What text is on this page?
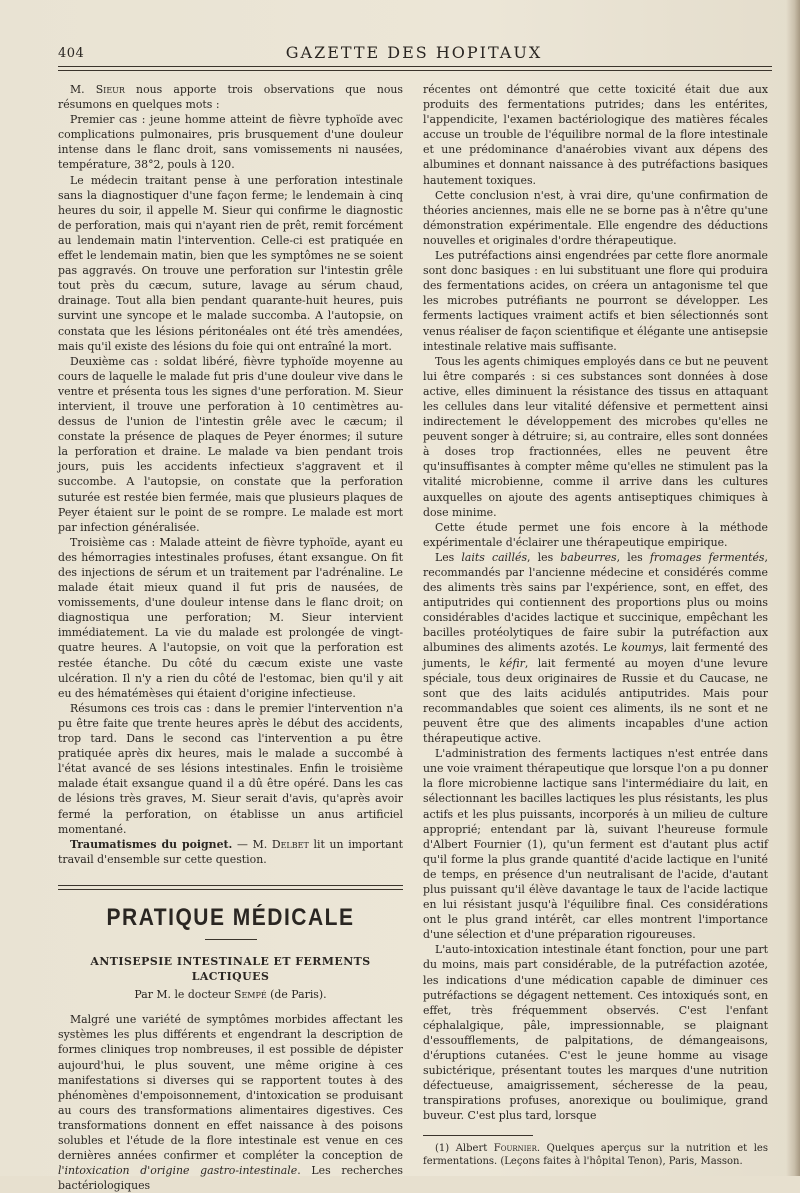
404	GAZETTE DES HOPITAUX

M. Sieur nous apporte trois observations que nous résumons en quelques mots :

Premier cas : jeune homme atteint de fièvre typhoïde avec complications pulmonaires, pris brusquement d'une douleur intense dans le flanc droit, sans vomissements ni nausées, température, 38°2, pouls à 120.

Le médecin traitant pense à une perforation intestinale sans la diagnostiquer d'une façon ferme; le lendemain à cinq heures du soir, il appelle M. Sieur qui confirme le diagnostic de perforation, mais qui n'ayant rien de prêt, remit forcément au lendemain matin l'intervention. Celle-ci est pratiquée en effet le lendemain matin, bien que les symptômes ne se soient pas aggravés. On trouve une perforation sur l'intestin grêle tout près du cæcum, suture, lavage au sérum chaud, drainage. Tout alla bien pendant quarante-huit heures, puis survint une syncope et le malade succomba. A l'autopsie, on constata que les lésions péritonéales ont été très amendées, mais qu'il existe des lésions du foie qui ont entraîné la mort.

Deuxième cas : soldat libéré, fièvre typhoïde moyenne au cours de laquelle le malade fut pris d'une douleur vive dans le ventre et présenta tous les signes d'une perforation. M. Sieur intervient, il trouve une perforation à 10 centimètres au-dessus de l'union de l'intestin grêle avec le cæcum; il constate la présence de plaques de Peyer énormes; il suture la perforation et draine. Le malade va bien pendant trois jours, puis les accidents infectieux s'aggravent et il succombe. A l'autopsie, on constate que la perforation suturée est restée bien fermée, mais que plusieurs plaques de Peyer étaient sur le point de se rompre. Le malade est mort par infection généralisée.

Troisième cas : Malade atteint de fièvre typhoïde, ayant eu des hémorragies intestinales profuses, étant exsangue. On fit des injections de sérum et un traitement par l'adrénaline. Le malade était mieux quand il fut pris de nausées, de vomissements, d'une douleur intense dans le flanc droit; on diagnostiqua une perforation; M. Sieur intervient immédiatement. La vie du malade est prolongée de vingt-quatre heures. A l'autopsie, on voit que la perforation est restée étanche. Du côté du cæcum existe une vaste ulcération. Il n'y a rien du côté de l'estomac, bien qu'il y ait eu des hématémèses qui étaient d'origine infectieuse.

Résumons ces trois cas : dans le premier l'intervention n'a pu être faite que trente heures après le début des accidents, trop tard. Dans le second cas l'intervention a pu être pratiquée après dix heures, mais le malade a succombé à l'état avancé de ses lésions intestinales. Enfin le troisième malade était exsangue quand il a dû être opéré. Dans les cas de lésions très graves, M. Sieur serait d'avis, qu'après avoir fermé la perforation, on établisse un anus artificiel momentané.

Traumatismes du poignet. — M. Delbet lit un important travail d'ensemble sur cette question.

PRATIQUE MÉDICALE
ANTISEPSIE INTESTINALE ET FERMENTS LACTIQUES
Par M. le docteur Sempé (de Paris).

Malgré une variété de symptômes morbides affectant les systèmes les plus différents et engendrant la description de formes cliniques trop nombreuses, il est possible de dépister aujourd'hui, le plus souvent, une même origine à ces manifestations si diverses qui se rapportent toutes à des phénomènes d'empoisonnement, d'intoxication se produisant au cours des transformations alimentaires digestives. Ces transformations donnent en effet naissance à des poisons solubles et l'étude de la flore intestinale est venue en ces dernières années confirmer et compléter la conception de l'intoxication d'origine gastro-intestinale. Les recherches bactériologiques

récentes ont démontré que cette toxicité était due aux produits des fermentations putrides; dans les entérites, l'appendicite, l'examen bactériologique des matières fécales accuse un trouble de l'équilibre normal de la flore intestinale et une prédominance d'anaérobies vivant aux dépens des albumines et donnant naissance à des putréfactions basiques hautement toxiques.

Cette conclusion n'est, à vrai dire, qu'une confirmation de théories anciennes, mais elle ne se borne pas à n'être qu'une démonstration expérimentale. Elle engendre des déductions nouvelles et originales d'ordre thérapeutique.

Les putréfactions ainsi engendrées par cette flore anormale sont donc basiques : en lui substituant une flore qui produira des fermentations acides, on créera un antagonisme tel que les microbes putréfiants ne pourront se développer. Les ferments lactiques vraiment actifs et bien sélectionnés sont venus réaliser de façon scientifique et élégante une antisepsie intestinale relative mais suffisante.

Tous les agents chimiques employés dans ce but ne peuvent lui être comparés : si ces substances sont données à dose active, elles diminuent la résistance des tissus en attaquant les cellules dans leur vitalité défensive et permettent ainsi indirectement le développement des microbes qu'elles ne peuvent songer à détruire; si, au contraire, elles sont données à doses trop fractionnées, elles ne peuvent être qu'insuffisantes à compter même qu'elles ne stimulent pas la vitalité microbienne, comme il arrive dans les cultures auxquelles on ajoute des agents antiseptiques chimiques à dose minime.

Cette étude permet une fois encore à la méthode expérimentale d'éclairer une thérapeutique empirique.

Les laits caillés, les babeurres, les fromages fermentés, recommandés par l'ancienne médecine et considérés comme des aliments très sains par l'expérience, sont, en effet, des antiputrides qui contiennent des proportions plus ou moins considérables d'acides lactique et succinique, empêchant les bacilles protéolytiques de faire subir la putréfaction aux albumines des aliments azotés. Le koumys, lait fermenté des juments, le kéfir, lait fermenté au moyen d'une levure spéciale, tous deux originaires de Russie et du Caucase, ne sont que des laits acidulés antiputrides. Mais pour recommandables que soient ces aliments, ils ne sont et ne peuvent être que des aliments incapables d'une action thérapeutique active.

L'administration des ferments lactiques n'est entrée dans une voie vraiment thérapeutique que lorsque l'on a pu donner la flore microbienne lactique sans l'intermédiaire du lait, en sélectionnant les bacilles lactiques les plus résistants, les plus actifs et les plus puissants, incorporés à un milieu de culture approprié; entendant par là, suivant l'heureuse formule d'Albert Fournier (1), qu'un ferment est d'autant plus actif qu'il forme la plus grande quantité d'acide lactique en l'unité de temps, en présence d'un neutralisant de l'acide, d'autant plus puissant qu'il élève davantage le taux de l'acide lactique en lui résistant jusqu'à l'équilibre final. Ces considérations ont le plus grand intérêt, car elles montrent l'importance d'une sélection et d'une préparation rigoureuses.

L'auto-intoxication intestinale étant fonction, pour une part du moins, mais part considérable, de la putréfaction azotée, les indications d'une médication capable de diminuer ces putréfactions se dégagent nettement. Ces intoxiqués sont, en effet, très fréquemment observés. C'est l'enfant céphalalgique, pâle, impressionnable, se plaignant d'essoufflements, de palpitations, de démangeaisons, d'éruptions cutanées. C'est le jeune homme au visage subictérique, présentant toutes les marques d'une nutrition défectueuse, amaigrissement, sécheresse de la peau, transpirations profuses, anorexique ou boulimique, grand buveur. C'est plus tard, lorsque

(1) Albert Fournier. Quelques aperçus sur la nutrition et les fermentations. (Leçons faites à l'hôpital Tenon), Paris, Masson.
